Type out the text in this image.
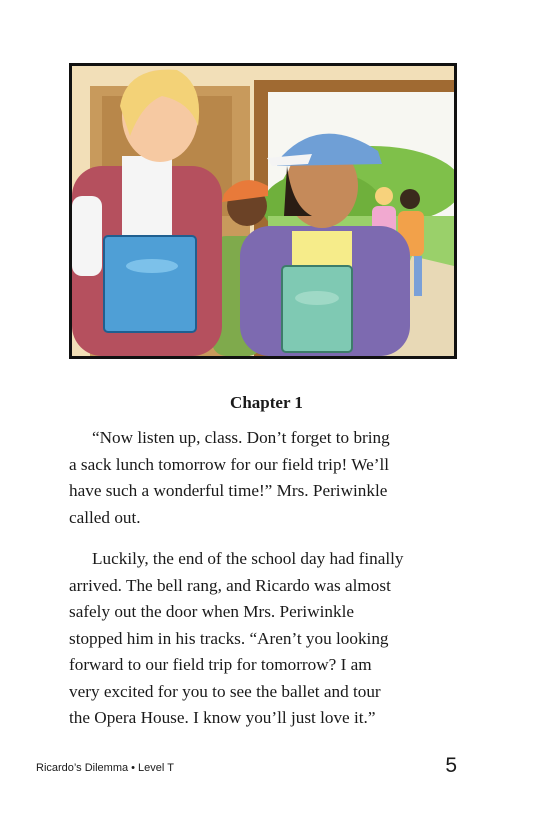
Chapter 1

“Now listen up, class. Don’t forget to bring
a sack lunch tomorrow for our field trip! We’ll
have such a wonderful time!” Mrs. Periwinkle
called out.

Luckily, the end of the school day had finally
arrived. The bell rang, and Ricardo was almost
safely out the door when Mrs. Periwinkle
stopped him in his tracks. “Aren’t you looking
forward to our field trip for tomorrow? I am
very excited for you to see the ballet and tour
the Opera House. I know you’ll just love it.”

Ricardo’s Dilemma • Level T	5
